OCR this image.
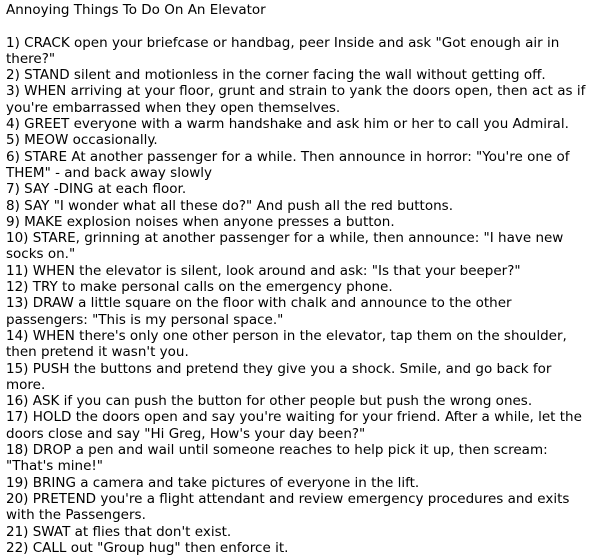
Annoying Things To Do On An Elevator
1) CRACK open your briefcase or handbag, peer Inside and ask "Got enough air in there?"
2) STAND silent and motionless in the corner facing the wall without getting off.
3) WHEN arriving at your floor, grunt and strain to yank the doors open, then act as if you're embarrassed when they open themselves.
4) GREET everyone with a warm handshake and ask him or her to call you Admiral.
5) MEOW occasionally.
6) STARE At another passenger for a while. Then announce in horror: "You're one of THEM" - and back away slowly
7) SAY -DING at each floor.
8) SAY "I wonder what all these do?" And push all the red buttons.
9) MAKE explosion noises when anyone presses a button.
10) STARE, grinning at another passenger for a while, then announce: "I have new socks on."
11) WHEN the elevator is silent, look around and ask: "Is that your beeper?"
12) TRY to make personal calls on the emergency phone.
13) DRAW a little square on the floor with chalk and announce to the other passengers: "This is my personal space."
14) WHEN there's only one other person in the elevator, tap them on the shoulder, then pretend it wasn't you.
15) PUSH the buttons and pretend they give you a shock. Smile, and go back for more.
16) ASK if you can push the button for other people but push the wrong ones.
17) HOLD the doors open and say you're waiting for your friend. After a while, let the doors close and say "Hi Greg, How's your day been?"
18) DROP a pen and wail until someone reaches to help pick it up, then scream: "That's mine!"
19) BRING a camera and take pictures of everyone in the lift.
20) PRETEND you're a flight attendant and review emergency procedures and exits with the Passengers.
21) SWAT at flies that don't exist.
22) CALL out "Group hug" then enforce it.
